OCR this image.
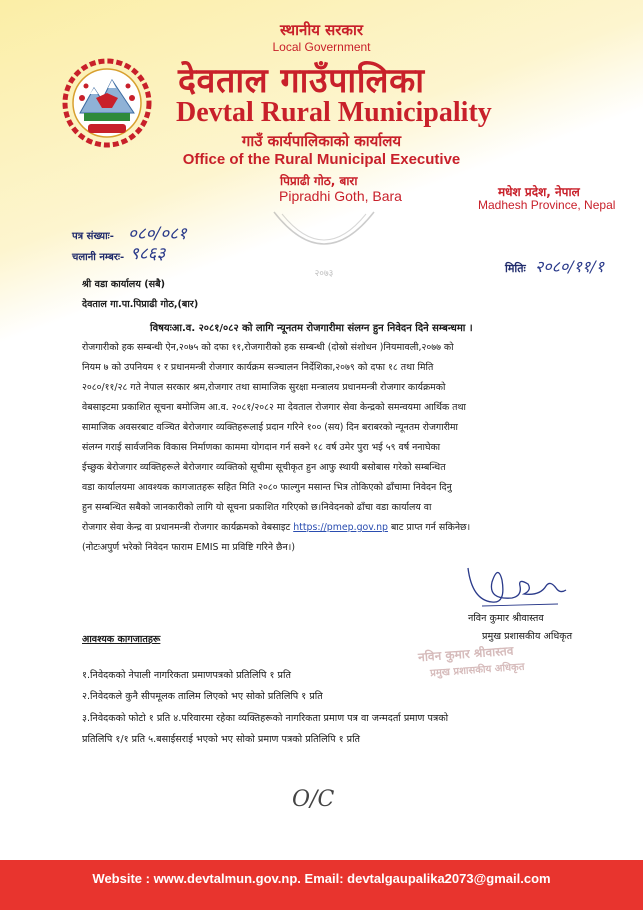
स्थानीय सरकार
Local Government
देवताल गाउँपालिका
Devtal Rural Municipality
गाउँ कार्यपालिकाको कार्यालय
Office of the Rural Municipal Executive
पिप्राढी गोठ, बारा
Pipradhi Goth, Bara	मधेश प्रदेश, नेपाल
Madhesh Province, Nepal
२०७३
पत्र संख्याः- ०८०/०८१
चलानी नम्बरः- ९८६३
मितिः २०८०/११/१
श्री वडा कार्यालय (सबै)
देवताल गा.पा.पिप्राढी गोठ,(बार)
विषयःआ.व. २०८१/०८२ को लागि न्यूनतम रोजगारीमा संलग्न हुन निवेदन दिने सम्बन्धमा ।
रोजगारीको हक सम्बन्धी ऐन,२०७५ को दफा ११,रोजगारीको हक सम्बन्धी (दोस्रो संशोधन )नियमावली,२०७७ को
नियम ७ को उपनियम १ र प्रधानमन्त्री रोजगार कार्यक्रम सञ्चालन निर्देशिका,२०७९ को दफा १८ तथा मिति
२०८०/११/२८ गते नेपाल सरकार श्रम,रोजगार तथा सामाजिक सुरक्षा मन्त्रालय प्रधानमन्त्री रोजगार कार्यक्रमको
वेबसाइटमा प्रकाशित सूचना बमोजिम आ.व. २०८१/२०८२ मा देवताल रोजगार सेवा केन्द्रको समन्वयमा आर्थिक तथा
सामाजिक अवसरबाट वञ्चित बेरोजगार व्यक्तिहरूलाई प्रदान गरिने १०० (सय) दिन बराबरको न्यूनतम रोजगारीमा
संलग्न गराई सार्वजनिक विकास निर्माणका काममा योगदान गर्न सक्ने १८ वर्ष उमेर पुरा भई ५९ वर्ष ननाघेका
ईच्छुक बेरोजगार व्यक्तिहरूले बेरोजगार व्यक्तिको सूचीमा सूचीकृत हुन आफु स्थायी बसोबास गरेको सम्बन्धित
वडा कार्यालयमा आवश्यक कागजातहरू सहित मिति २०८० फाल्गुन मसान्त भित्र तोकिएको ढाँचामा निवेदन दिनु
हुन सम्बन्धित सबैको जानकारीको लागि यो सूचना प्रकाशित गरिएको छ।निवेदनको ढाँचा वडा कार्यालय वा
रोजगार सेवा केन्द्र वा प्रधानमन्त्री रोजगार कार्यक्रमको वेबसाइट https://pmep.gov.np बाट प्राप्त गर्न सकिनेछ।
(नोटःअपुर्ण भरेको निवेदन फाराम EMIS मा प्रविष्टि गरिने छैन।)
नविन कुमार श्रीवास्तव
प्रमुख प्रशासकीय अधिकृत
नविन कुमार श्रीवास्तव
प्रमुख प्रशासकीय अधिकृत
आवश्यक कागजातहरू
१.निवेदकको नेपाली नागरिकता प्रमाणपत्रको प्रतिलिपि १ प्रति
२.निवेदकले कुनै सीपमूलक तालिम लिएको भए सोको प्रतिलिपि १ प्रति
३.निवेदकको फोटो १ प्रति ४.परिवारमा रहेका व्यक्तिहरूको नागरिकता प्रमाण पत्र वा जन्मदर्ता प्रमाण पत्रको
प्रतिलिपि १/१ प्रति ५.बसाईसराई भएको भए सोको प्रमाण पत्रको प्रतिलिपि १ प्रति
O/C
Website : www.devtalmun.gov.np. Email: devtalgaupalika2073@gmail.com
